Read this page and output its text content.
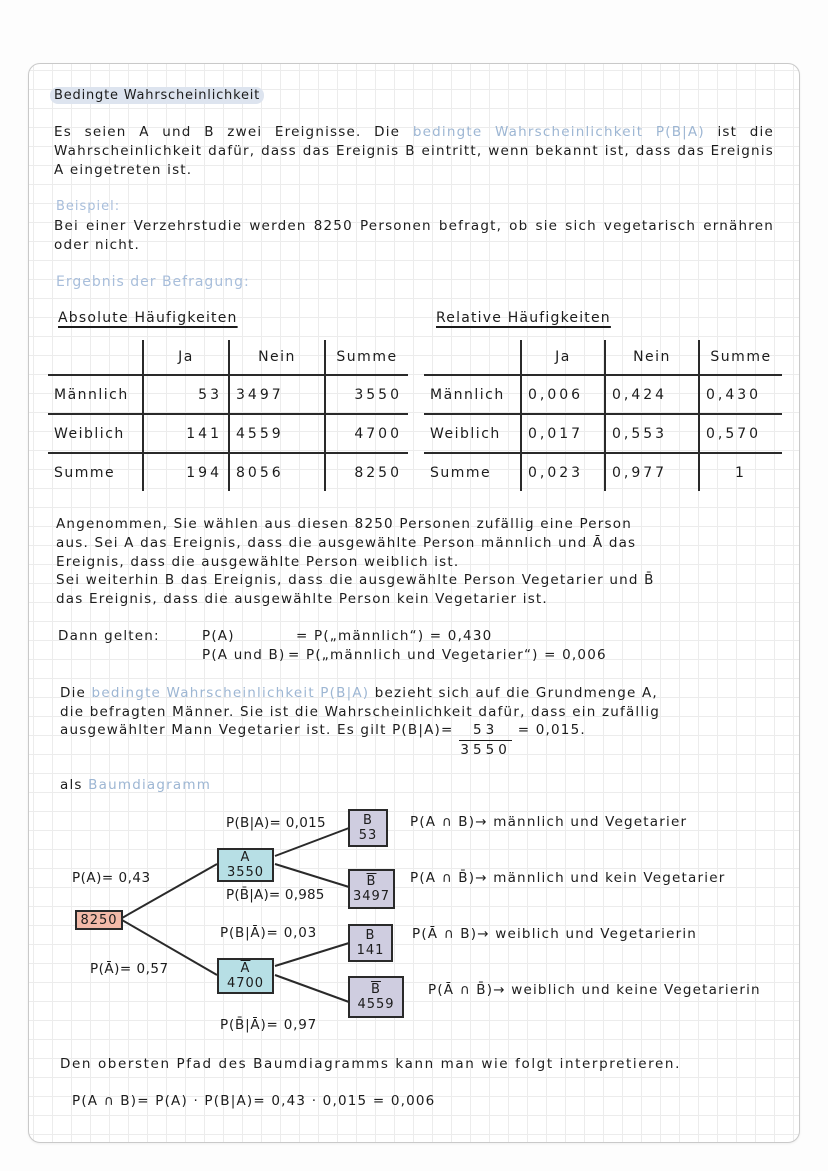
Bedingte Wahrscheinlichkeit
Es seien A und B zwei Ereignisse. Die bedingte Wahrscheinlichkeit P(B|A) ist die Wahrscheinlichkeit dafür, dass das Ereignis B eintritt, wenn bekannt ist, dass das Ereignis A eingetreten ist.
Beispiel:
Bei einer Verzehrstudie werden 8250 Personen befragt, ob sie sich vegetarisch ernähren oder nicht.
Ergebnis der Befragung:
Absolute Häufigkeiten	Relative Häufigkeiten
	Ja	Nein	Summe
Männlich	53	3497	3550
Weiblich	141	4559	4700
Summe	194	8056	8250
	Ja	Nein	Summe
Männlich	0,006	0,424	0,430
Weiblich	0,017	0,553	0,570
Summe	0,023	0,977	1
Angenommen, Sie wählen aus diesen 8250 Personen zufällig eine Person
aus. Sei A das Ereignis, dass die ausgewählte Person männlich und Ā das
Ereignis, dass die ausgewählte Person weiblich ist.
Sei weiterhin B das Ereignis, dass die ausgewählte Person Vegetarier und B̄
das Ereignis, dass die ausgewählte Person kein Vegetarier ist.
Dann gelten:	P(A)	= P(„männlich“) = 0,430
P(A und B) = P(„männlich und Vegetarier“) = 0,006
Die bedingte Wahrscheinlichkeit P(B|A) bezieht sich auf die Grundmenge A,
die befragten Männer. Sie ist die Wahrscheinlichkeit dafür, dass ein zufällig
ausgewählter Mann Vegetarier ist. Es gilt $P(B|A)= \frac{53}{3550} = 0,015$.
als Baumdiagramm
8250
A
3550
$\overline{A}$
4700
B
53
$\overline{B}$
3497
B
141
$\overline{B}$
4559
P(A)= 0,43
P(Ā)= 0,57
P(B|A)= 0,015
P(B̄|A)= 0,985
P(B|Ā)= 0,03
P(B̄|Ā)= 0,97
P(A ∩ B)→ männlich und Vegetarier
P(A ∩ B̄)→ männlich und kein Vegetarier
P(Ā ∩ B)→ weiblich und Vegetarierin
P(Ā ∩ B̄)→ weiblich und keine Vegetarierin
Den obersten Pfad des Baumdiagramms kann man wie folgt interpretieren.
P(A ∩ B)= P(A) · P(B|A)= 0,43 · 0,015 = 0,006
